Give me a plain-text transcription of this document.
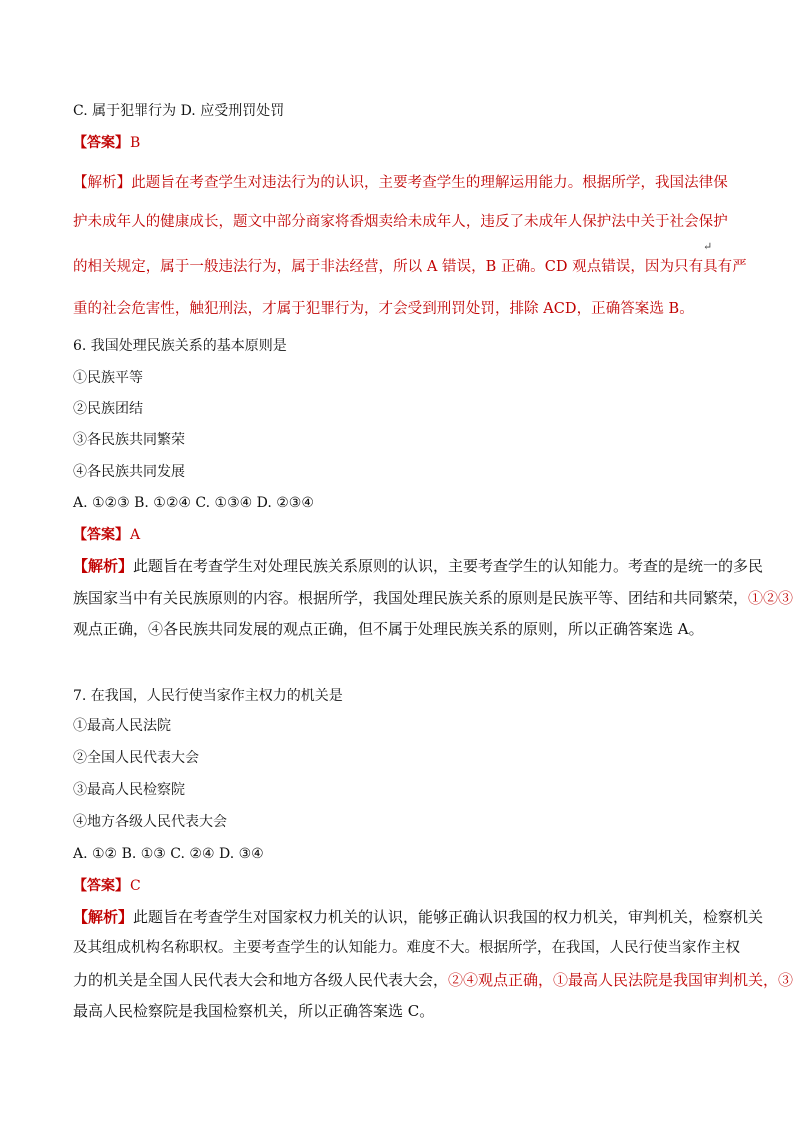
C. 属于犯罪行为 D. 应受刑罚处罚
【答案】B
【解析】此题旨在考查学生对违法行为的认识，主要考查学生的理解运用能力。根据所学，我国法律保
护未成年人的健康成长，题文中部分商家将香烟卖给未成年人，违反了未成年人保护法中关于社会保护
↵
的相关规定，属于一般违法行为，属于非法经营，所以 A 错误，B 正确。CD 观点错误，因为只有具有严
重的社会危害性，触犯刑法，才属于犯罪行为，才会受到刑罚处罚，排除 ACD，正确答案选 B。
6. 我国处理民族关系的基本原则是
①民族平等
②民族团结
③各民族共同繁荣
④各民族共同发展
A. ①②③ B. ①②④ C. ①③④ D. ②③④
【答案】A
【解析】此题旨在考查学生对处理民族关系原则的认识，主要考查学生的认知能力。考查的是统一的多民
族国家当中有关民族原则的内容。根据所学，我国处理民族关系的原则是民族平等、团结和共同繁荣，①②③
观点正确，④各民族共同发展的观点正确，但不属于处理民族关系的原则，所以正确答案选 A。
7. 在我国，人民行使当家作主权力的机关是
①最高人民法院
②全国人民代表大会
③最高人民检察院
④地方各级人民代表大会
A. ①② B. ①③ C. ②④ D. ③④
【答案】C
【解析】此题旨在考查学生对国家权力机关的认识，能够正确认识我国的权力机关，审判机关，检察机关
及其组成机构名称职权。主要考查学生的认知能力。难度不大。根据所学，在我国，人民行使当家作主权
力的机关是全国人民代表大会和地方各级人民代表大会，②④观点正确，①最高人民法院是我国审判机关，③
最高人民检察院是我国检察机关，所以正确答案选 C。
